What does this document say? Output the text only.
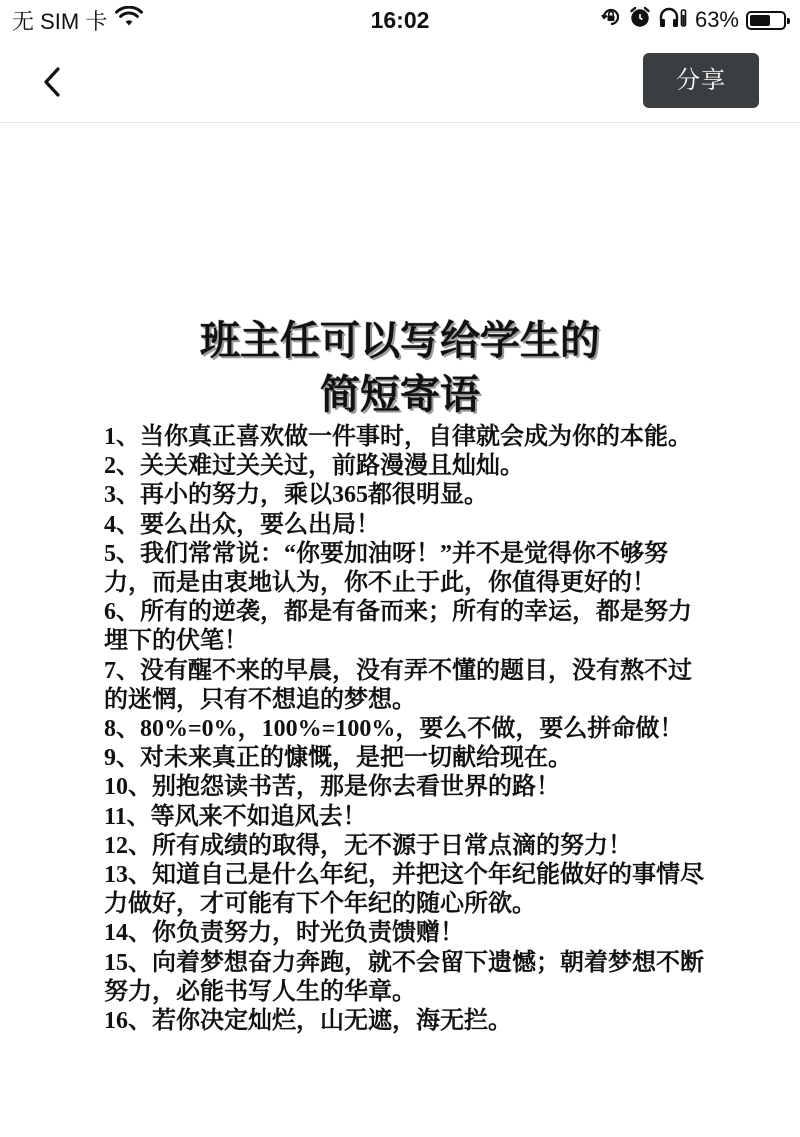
无 SIM 卡	16:02	63%
分享
班主任可以写给学生的
简短寄语
1、当你真正喜欢做一件事时，自律就会成为你的本能。
2、关关难过关关过，前路漫漫且灿灿。
3、再小的努力，乘以365都很明显。
4、要么出众，要么出局！
5、我们常常说：“你要加油呀！”并不是觉得你不够努力，而是由衷地认为，你不止于此，你值得更好的！
6、所有的逆袭，都是有备而来；所有的幸运，都是努力埋下的伏笔！
7、没有醒不来的早晨，没有弄不懂的题目，没有熬不过的迷惘，只有不想追的梦想。
8、80%=0%，100%=100%，要么不做，要么拼命做！
9、对未来真正的慷慨，是把一切献给现在。
10、别抱怨读书苦，那是你去看世界的路！
11、等风来不如追风去！
12、所有成绩的取得，无不源于日常点滴的努力！
13、知道自己是什么年纪，并把这个年纪能做好的事情尽力做好，才可能有下个年纪的随心所欲。
14、你负责努力，时光负责馈赠！
15、向着梦想奋力奔跑，就不会留下遗憾；朝着梦想不断努力，必能书写人生的华章。
16、若你决定灿烂，山无遮，海无拦。
